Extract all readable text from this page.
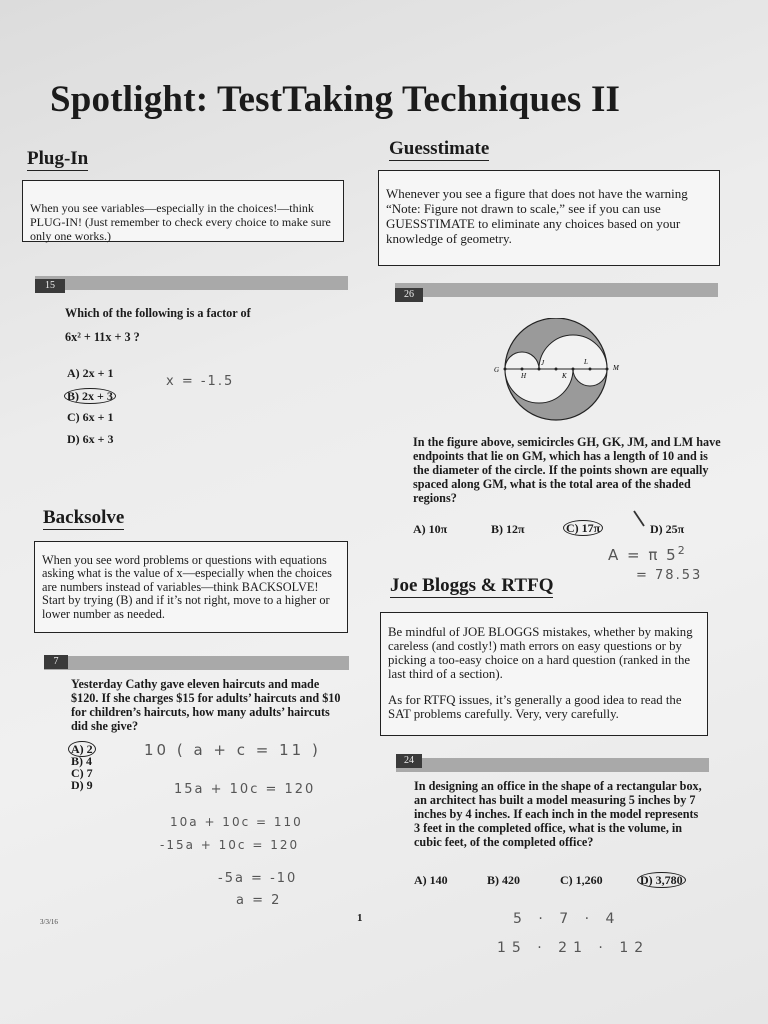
Spotlight: TestTaking Techniques II
Plug-In
When you see variables—especially in the choices!—think PLUG-IN! (Just remember to check every choice to make sure only one works.)
Guesstimate
Whenever you see a figure that does not have the warning “Note: Figure not drawn to scale,” see if you can use GUESSTIMATE to eliminate any choices based on your knowledge of geometry.
15
Which of the following is a factor of
6x² + 11x + 3 ?
A) 2x + 1
B) 2x + 3
C) 6x + 1
D) 6x + 3
x = -1.5
26
G
H
J
K
L
M
In the figure above, semicircles GH, GK, JM, and LM have endpoints that lie on GM, which has a length of 10 and is the diameter of the circle. If the points shown are equally spaced along GM, what is the total area of the shaded regions?
A) 10π	B) 12π	C) 17π	D) 25π
A = π $5^2$
= 78.53
Backsolve
When you see word problems or questions with equations asking what is the value of x—especially when the choices are numbers instead of variables—think BACKSOLVE! Start by trying (B) and if it’s not right, move to a higher or lower number as needed.
Joe Bloggs & RTFQ
Be mindful of JOE BLOGGS mistakes, whether by making careless (and costly!) math errors on easy questions or by picking a too-easy choice on a hard question (ranked in the last third of a section).
As for RTFQ issues, it’s generally a good idea to read the SAT problems carefully. Very, very carefully.
7
Yesterday Cathy gave eleven haircuts and made $120. If she charges $15 for adults’ haircuts and $10 for children’s haircuts, how many adults’ haircuts did she give?
A) 2
B) 4
C) 7
D) 9
10 ( a + c = 11 )
15a + 10c = 120
10a + 10c = 110
-15a + 10c = 120
-5a = -10
a = 2
24
In designing an office in the shape of a rectangular box, an architect has built a model measuring 5 inches by 7 inches by 4 inches. If each inch in the model represents 3 feet in the completed office, what is the volume, in cubic feet, of the completed office?
A) 140	B) 420	C) 1,260	D) 3,780
5 · 7 · 4
15 · 21 · 12
3/3/16	1
